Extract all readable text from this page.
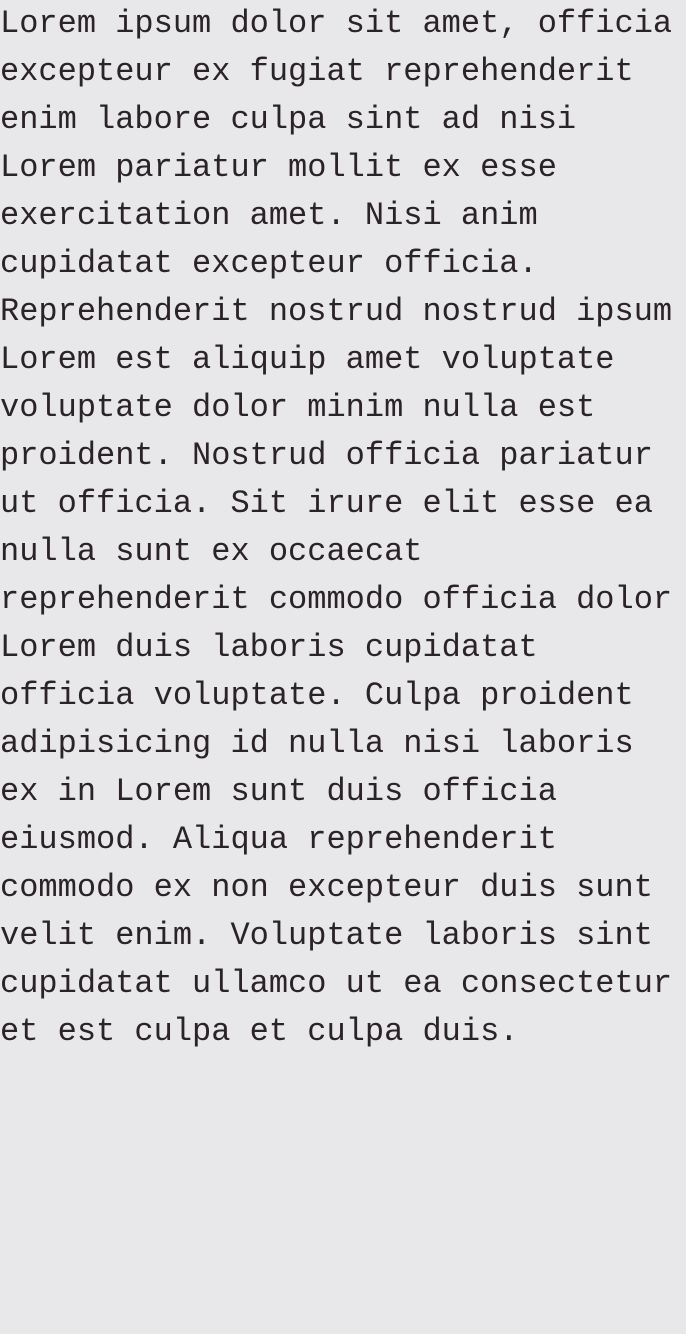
Lorem ipsum dolor sit amet, officia

excepteur ex fugiat reprehenderit

enim labore culpa sint ad nisi

Lorem pariatur mollit ex esse

exercitation amet. Nisi anim

cupidatat excepteur officia.

Reprehenderit nostrud nostrud ipsum

Lorem est aliquip amet voluptate

voluptate dolor minim nulla est

proident. Nostrud officia pariatur

ut officia. Sit irure elit esse ea

nulla sunt ex occaecat

reprehenderit commodo officia dolor

Lorem duis laboris cupidatat

officia voluptate. Culpa proident

adipisicing id nulla nisi laboris

ex in Lorem sunt duis officia

eiusmod. Aliqua reprehenderit

commodo ex non excepteur duis sunt

velit enim. Voluptate laboris sint

cupidatat ullamco ut ea consectetur

et est culpa et culpa duis.
